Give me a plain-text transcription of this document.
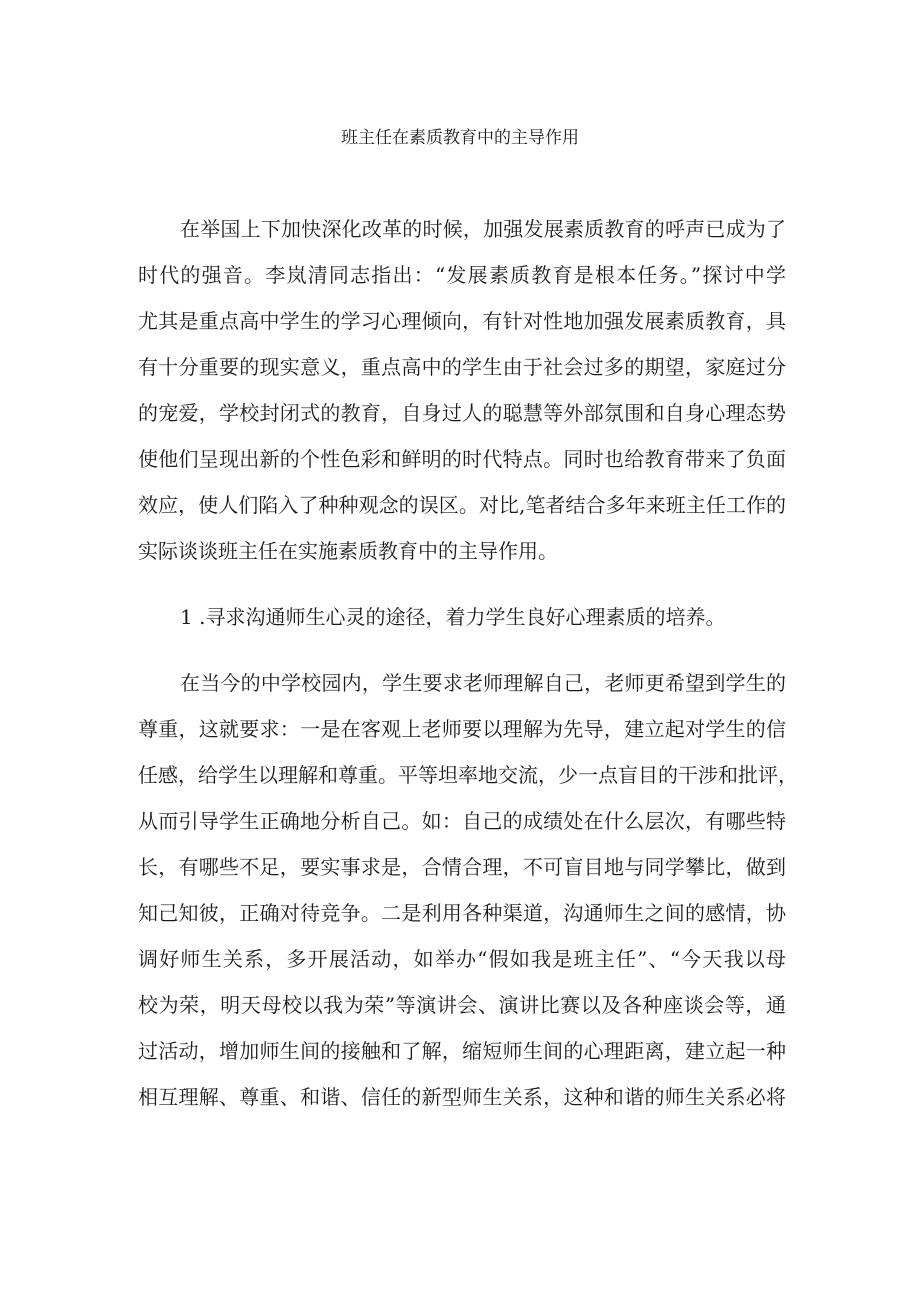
班主任在素质教育中的主导作用
在举国上下加快深化改革的时候，加强发展素质教育的呼声已成为了
时代的强音。李岚清同志指出：“发展素质教育是根本任务。”探讨中学
尤其是重点高中学生的学习心理倾向，有针对性地加强发展素质教育，具
有十分重要的现实意义，重点高中的学生由于社会过多的期望，家庭过分
的宠爱，学校封闭式的教育，自身过人的聪慧等外部氛围和自身心理态势
使他们呈现出新的个性色彩和鲜明的时代特点。同时也给教育带来了负面
效应，使人们陷入了种种观念的误区。对比,笔者结合多年来班主任工作的
实际谈谈班主任在实施素质教育中的主导作用。
1 .寻求沟通师生心灵的途径，着力学生良好心理素质的培养。
在当今的中学校园内，学生要求老师理解自己，老师更希望到学生的
尊重，这就要求：一是在客观上老师要以理解为先导，建立起对学生的信
任感，给学生以理解和尊重。平等坦率地交流，少一点盲目的干涉和批评，
从而引导学生正确地分析自己。如：自己的成绩处在什么层次，有哪些特
长，有哪些不足，要实事求是，合情合理，不可盲目地与同学攀比，做到
知己知彼，正确对待竞争。二是利用各种渠道，沟通师生之间的感情，协
调好师生关系，多开展活动，如举办“假如我是班主任”、“今天我以母
校为荣，明天母校以我为荣”等演讲会、演讲比赛以及各种座谈会等，通
过活动，增加师生间的接触和了解，缩短师生间的心理距离，建立起一种
相互理解、尊重、和谐、信任的新型师生关系，这种和谐的师生关系必将
